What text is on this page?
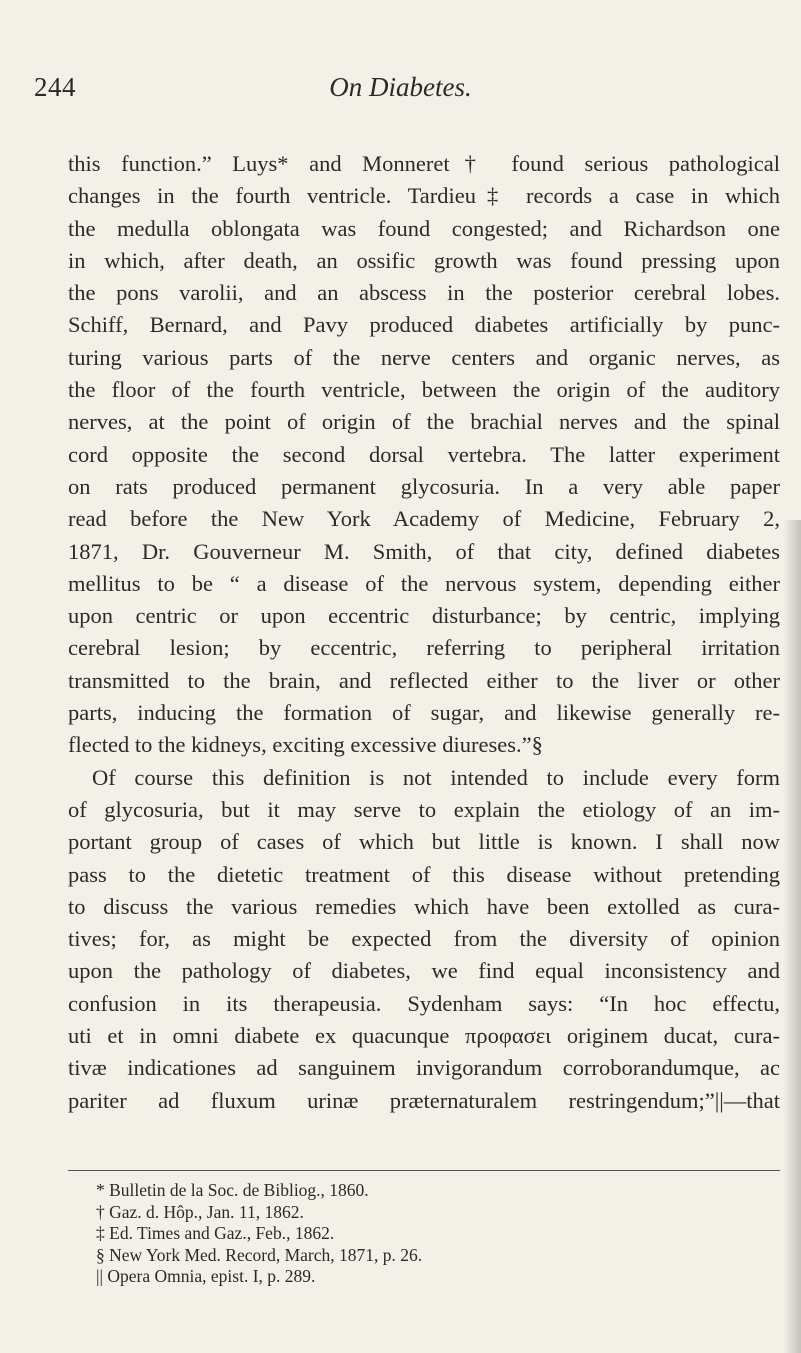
244	On Diabetes.
this function.” Luys* and Monneret† found serious pathological
changes in the fourth ventricle. Tardieu‡ records a case in which
the medulla oblongata was found congested; and Richardson one
in which, after death, an ossific growth was found pressing upon
the pons varolii, and an abscess in the posterior cerebral lobes.
Schiff, Bernard, and Pavy produced diabetes artificially by punc-
turing various parts of the nerve centers and organic nerves, as
the floor of the fourth ventricle, between the origin of the auditory
nerves, at the point of origin of the brachial nerves and the spinal
cord opposite the second dorsal vertebra. The latter experiment
on rats produced permanent glycosuria. In a very able paper
read before the New York Academy of Medicine, February 2,
1871, Dr. Gouverneur M. Smith, of that city, defined diabetes
mellitus to be “ a disease of the nervous system, depending either
upon centric or upon eccentric disturbance; by centric, implying
cerebral lesion; by eccentric, referring to peripheral irritation
transmitted to the brain, and reflected either to the liver or other
parts, inducing the formation of sugar, and likewise generally re-
flected to the kidneys, exciting excessive diureses.”§
Of course this definition is not intended to include every form
of glycosuria, but it may serve to explain the etiology of an im-
portant group of cases of which but little is known. I shall now
pass to the dietetic treatment of this disease without pretending
to discuss the various remedies which have been extolled as cura-
tives; for, as might be expected from the diversity of opinion
upon the pathology of diabetes, we find equal inconsistency and
confusion in its therapeusia. Sydenham says: “In hoc effectu,
uti et in omni diabete ex quacunque προφασει originem ducat, cura-
tivæ indicationes ad sanguinem invigorandum corroborandumque, ac
pariter ad fluxum urinæ præternaturalem restringendum;”||—that
* Bulletin de la Soc. de Bibliog., 1860.
† Gaz. d. Hôp., Jan. 11, 1862.
‡ Ed. Times and Gaz., Feb., 1862.
§ New York Med. Record, March, 1871, p. 26.
|| Opera Omnia, epist. I, p. 289.
